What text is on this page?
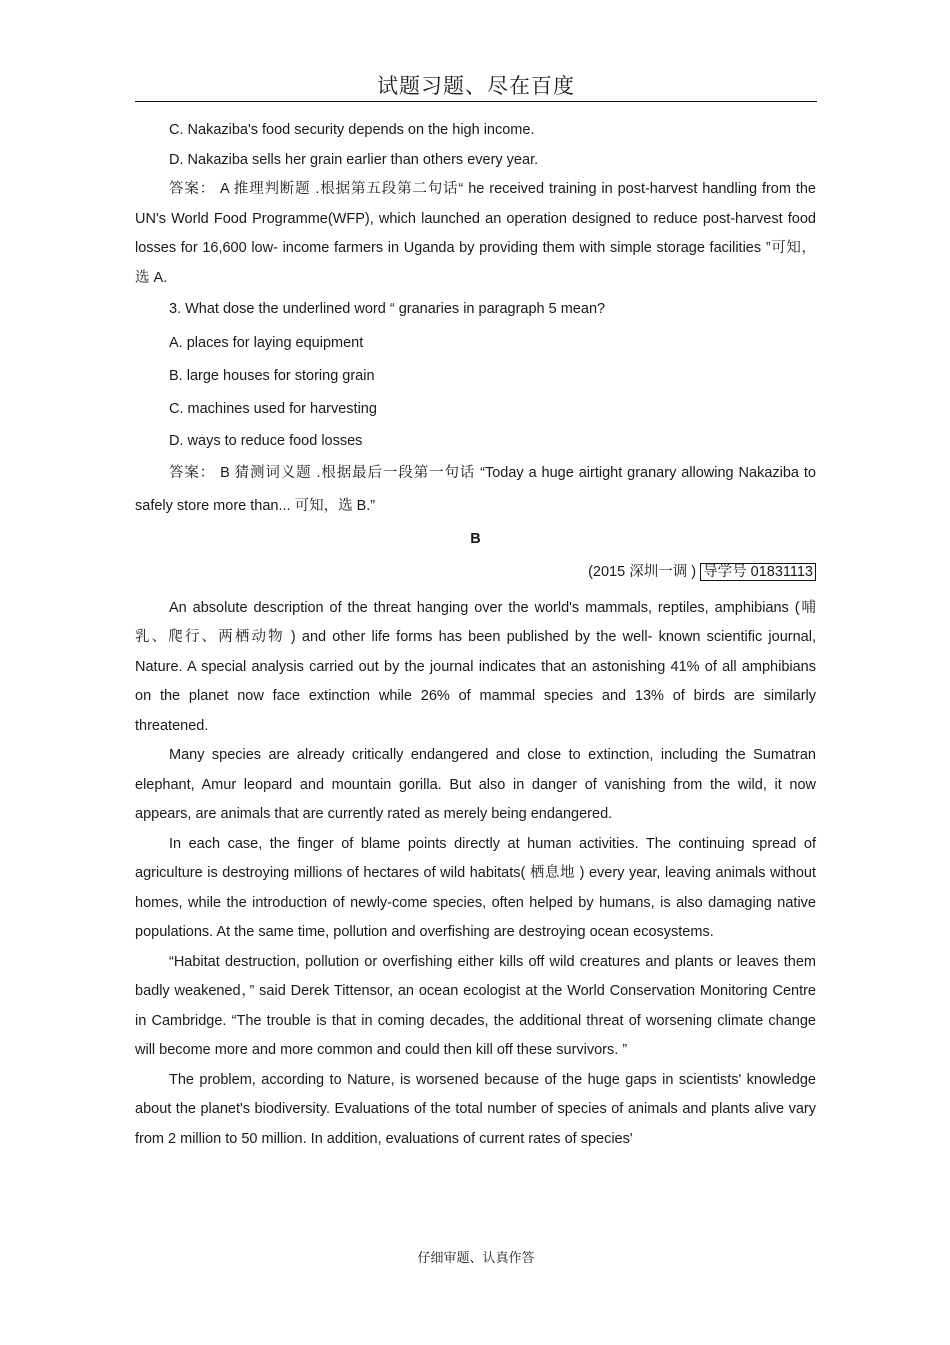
试题习题、尽在百度

C. Nakaziba's food security depends on the high income.

D. Nakaziba sells her grain earlier than others every year.

答案： A 推理判断题 .根据第五段第二句话“ he received training in post-harvest handling from the UN's World Food Programme(WFP), which launched an operation designed to reduce post-harvest food losses for 16,600 low- income farmers in Uganda by providing them with simple storage facilities ”可知，选 A.

3. What dose the underlined word “ granaries in paragraph 5 mean?

A. places for laying equipment

B. large houses for storing grain

C. machines used for harvesting

D. ways to reduce food losses

答案： B 猜测词义题 .根据最后一段第一句话 “Today a huge airtight granary allowing Nakaziba to safely store more than... 可知，选 B.”

B

(2015 深圳一调 ) 导学号 01831113

An absolute description of the threat hanging over the world's mammals, reptiles, amphibians (哺乳、爬行、两栖动物 ) and other life forms has been published by the well- known scientific journal, Nature. A special analysis carried out by the journal indicates that an astonishing 41% of all amphibians on the planet now face extinction while 26% of mammal species and 13% of birds are similarly threatened.

Many species are already critically endangered and close to extinction, including the Sumatran elephant, Amur leopard and mountain gorilla. But also in danger of vanishing from the wild, it now appears, are animals that are currently rated as merely being endangered.

In each case, the finger of blame points directly at human activities. The continuing spread of agriculture is destroying millions of hectares of wild habitats( 栖息地 ) every year, leaving animals without homes, while the introduction of newly-come species, often helped by humans, is also damaging native populations. At the same time, pollution and overfishing are destroying ocean ecosystems.

“Habitat destruction, pollution or overfishing either kills off wild creatures and plants or leaves them badly weakened，” said Derek Tittensor, an ocean ecologist at the World Conservation Monitoring Centre in Cambridge. “The trouble is that in coming decades, the additional threat of worsening climate change will become more and more common and could then kill off these survivors. ”

The problem, according to Nature, is worsened because of the huge gaps in scientists' knowledge about the planet's biodiversity. Evaluations of the total number of species of animals and plants alive vary from 2 million to 50 million. In addition, evaluations of current rates of species'

仔细审题、认真作答
